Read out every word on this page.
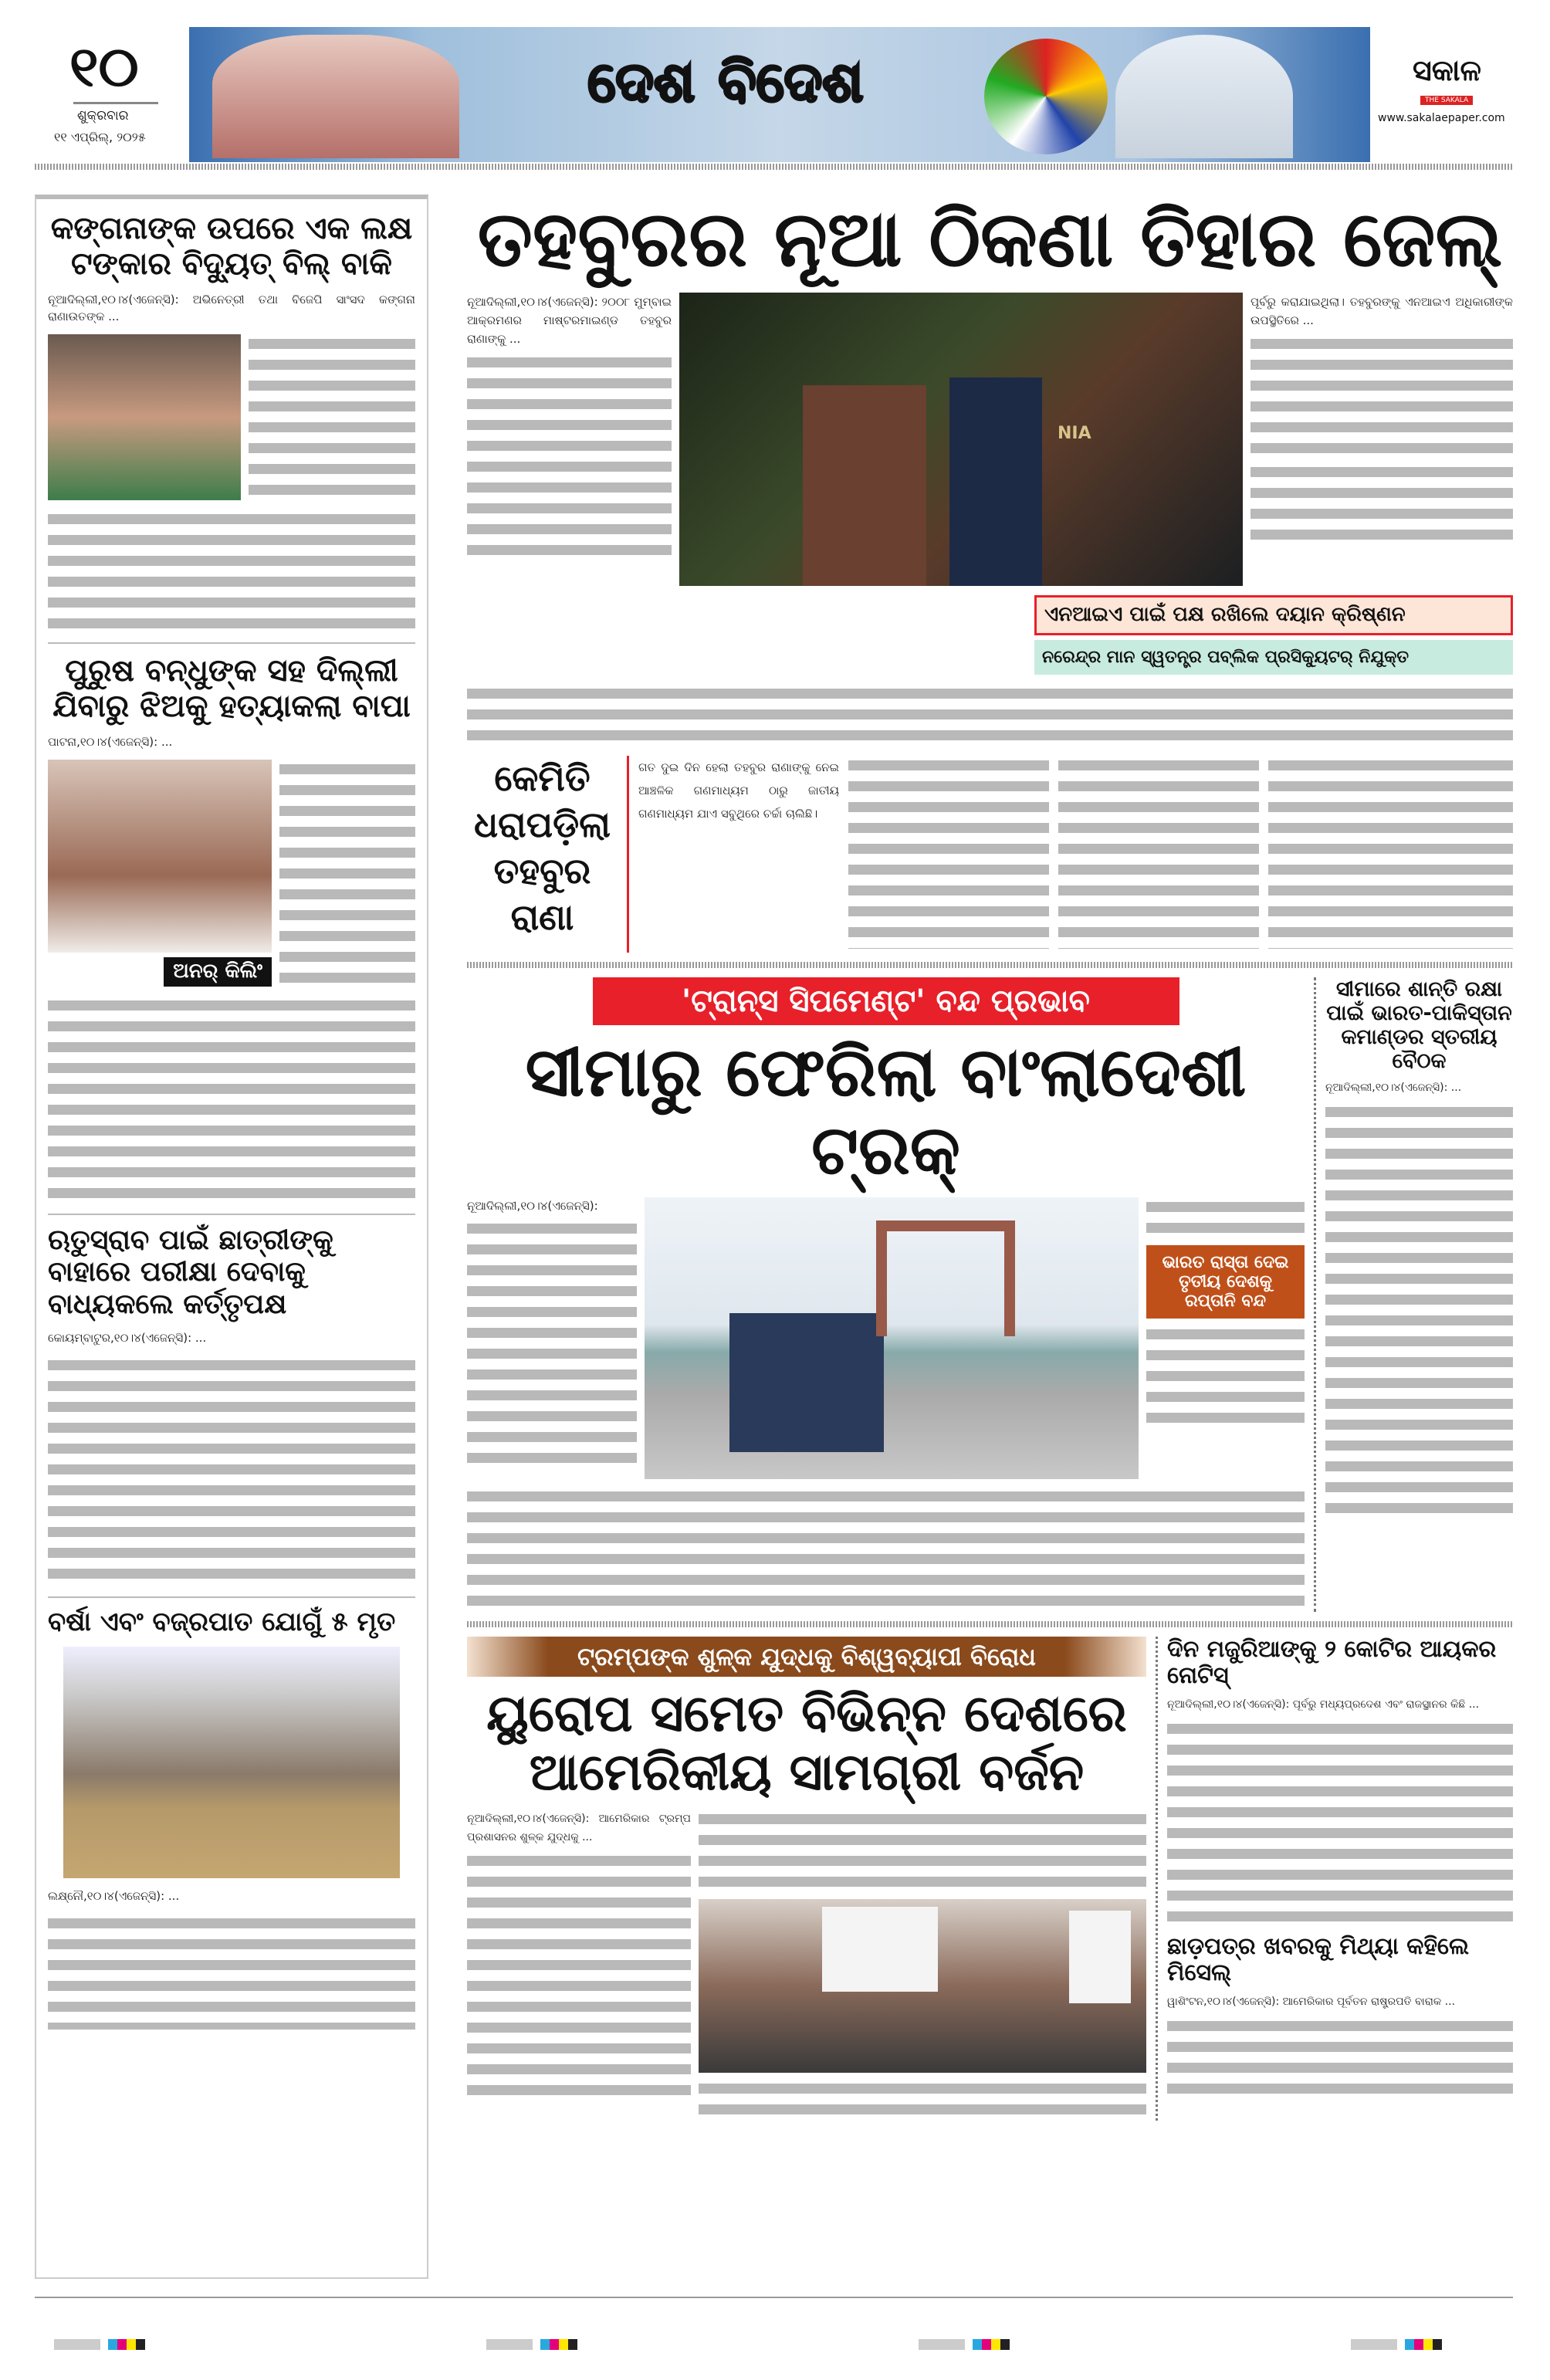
୧୦
ଶୁକ୍ରବାର
୧୧ ଏପ୍ରିଲ୍, ୨୦୨୫
ଦେଶ ବିଦେଶ	ସକାଳ
THE SAKALA
www.sakalaepaper.com
କଙ୍ଗନାଙ୍କ ଉପରେ ଏକ ଲକ୍ଷ ଟଙ୍କାର ବିଦ୍ୟୁତ୍ ବିଲ୍ ବାକି
ନୂଆଦିଲ୍ଲୀ,୧୦।୪(ଏଜେନ୍ସି): ଅଭିନେତ୍ରୀ ତଥା ବିଜେପି ସାଂସଦ କଙ୍ଗନା ରାଣାଉତଙ୍କ ...
ପୁରୁଷ ବନ୍ଧୁଙ୍କ ସହ ଦିଲ୍ଲୀ ଯିବାରୁ ଝିଅକୁ ହତ୍ୟାକଲା ବାପା
ପାଟନା,୧୦।୪(ଏଜେନ୍ସି): ...
ଅନର୍ କିଲିଂ
ଋତୁସ୍ରାବ ପାଇଁ ଛାତ୍ରୀଙ୍କୁ ବାହାରେ ପରୀକ୍ଷା ଦେବାକୁ ବାଧ୍ୟକଲେ କର୍ତ୍ତୃପକ୍ଷ
କୋୟମ୍ବାଟୁର,୧୦।୪(ଏଜେନ୍ସି): ...
ବର୍ଷା ଏବଂ ବଜ୍ରପାତ ଯୋଗୁଁ ୫ ମୃତ
ଲକ୍ଷ୍ନୌ,୧୦।୪(ଏଜେନ୍ସି): ...
ତହବୁରର ନୂଆ ଠିକଣା ତିହାର ଜେଲ୍
ନୂଆଦିଲ୍ଲୀ,୧୦।୪(ଏଜେନ୍ସି): ୨୦୦୮ ମୁମ୍ବାଇ ଆକ୍ରମଣର ମାଷ୍ଟରମାଇଣ୍ଡ ତହବୁର ରାଣାଙ୍କୁ ...
NIA
ପୂର୍ବରୁ କରାଯାଇଥିଲା। ତହବୁରଙ୍କୁ ଏନଆଇଏ ଅଧିକାରୀଙ୍କ ଉପସ୍ଥିତିରେ ...
ଏନଆଇଏ ପାଇଁ ପକ୍ଷ ରଖିଲେ ଦୟାନ କ୍ରିଷ୍ଣନ
ନରେନ୍ଦ୍ର ମାନ ସ୍ୱତନ୍ତ୍ର ପବ୍ଲିକ ପ୍ରସିକ୍ୟୁଟର୍ ନିଯୁକ୍ତ
କେମିତି ଧରାପଡ଼ିଲା ତହବୁର ରାଣା
ଗତ ଦୁଇ ଦିନ ହେଲା ତହବୁର ରାଣାଙ୍କୁ ନେଇ ଆଞ୍ଚଳିକ ଗଣମାଧ୍ୟମ ଠାରୁ ଜାତୀୟ ଗଣମାଧ୍ୟମ ଯାଏ ସବୁଥିରେ ଚର୍ଚ୍ଚା ଚାଲିଛି।
'ଟ୍ରାନ୍ସ ସିପମେଣ୍ଟ' ବନ୍ଦ ପ୍ରଭାବ
ସୀମାରୁ ଫେରିଲା ବାଂଲାଦେଶୀ ଟ୍ରକ୍
ନୂଆଦିଲ୍ଲୀ,୧୦।୪(ଏଜେନ୍ସି):
ଭାରତ ରାସ୍ତା ଦେଇ ତୃତୀୟ ଦେଶକୁ ରପ୍ତାନି ବନ୍ଦ
ସୀମାରେ ଶାନ୍ତି ରକ୍ଷା ପାଇଁ ଭାରତ-ପାକିସ୍ତାନ କମାଣ୍ଡର ସ୍ତରୀୟ ବୈଠକ
ନୂଆଦିଲ୍ଲୀ,୧୦।୪(ଏଜେନ୍ସି): ...
ଟ୍ରମ୍ପଙ୍କ ଶୁଳ୍କ ଯୁଦ୍ଧକୁ ବିଶ୍ୱବ୍ୟାପୀ ବିରୋଧ
ୟୁରୋପ ସମେତ ବିଭିନ୍ନ ଦେଶରେ ଆମେରିକୀୟ ସାମଗ୍ରୀ ବର୍ଜନ
ନୂଆଦିଲ୍ଲୀ,୧୦।୪(ଏଜେନ୍ସି): ଆମେରିକାର ଟ୍ରମ୍ପ ପ୍ରଶାସନର ଶୁଳ୍କ ଯୁଦ୍ଧକୁ ...
ଦିନ ମଜୁରିଆଙ୍କୁ ୨ କୋଟିର ଆୟକର ନୋଟିସ୍
ନୂଆଦିଲ୍ଲୀ,୧୦।୪(ଏଜେନ୍ସି): ପୂର୍ବରୁ ମଧ୍ୟପ୍ରଦେଶ ଏବଂ ରାଜସ୍ଥାନର କିଛି ...
ଛାଡ଼ପତ୍ର ଖବରକୁ ମିଥ୍ୟା କହିଲେ ମିସେଲ୍
ୱାଶିଂଟନ,୧୦।୪(ଏଜେନ୍ସି): ଆମେରିକାର ପୂର୍ବତନ ରାଷ୍ଟ୍ରପତି ବାରାକ ...
